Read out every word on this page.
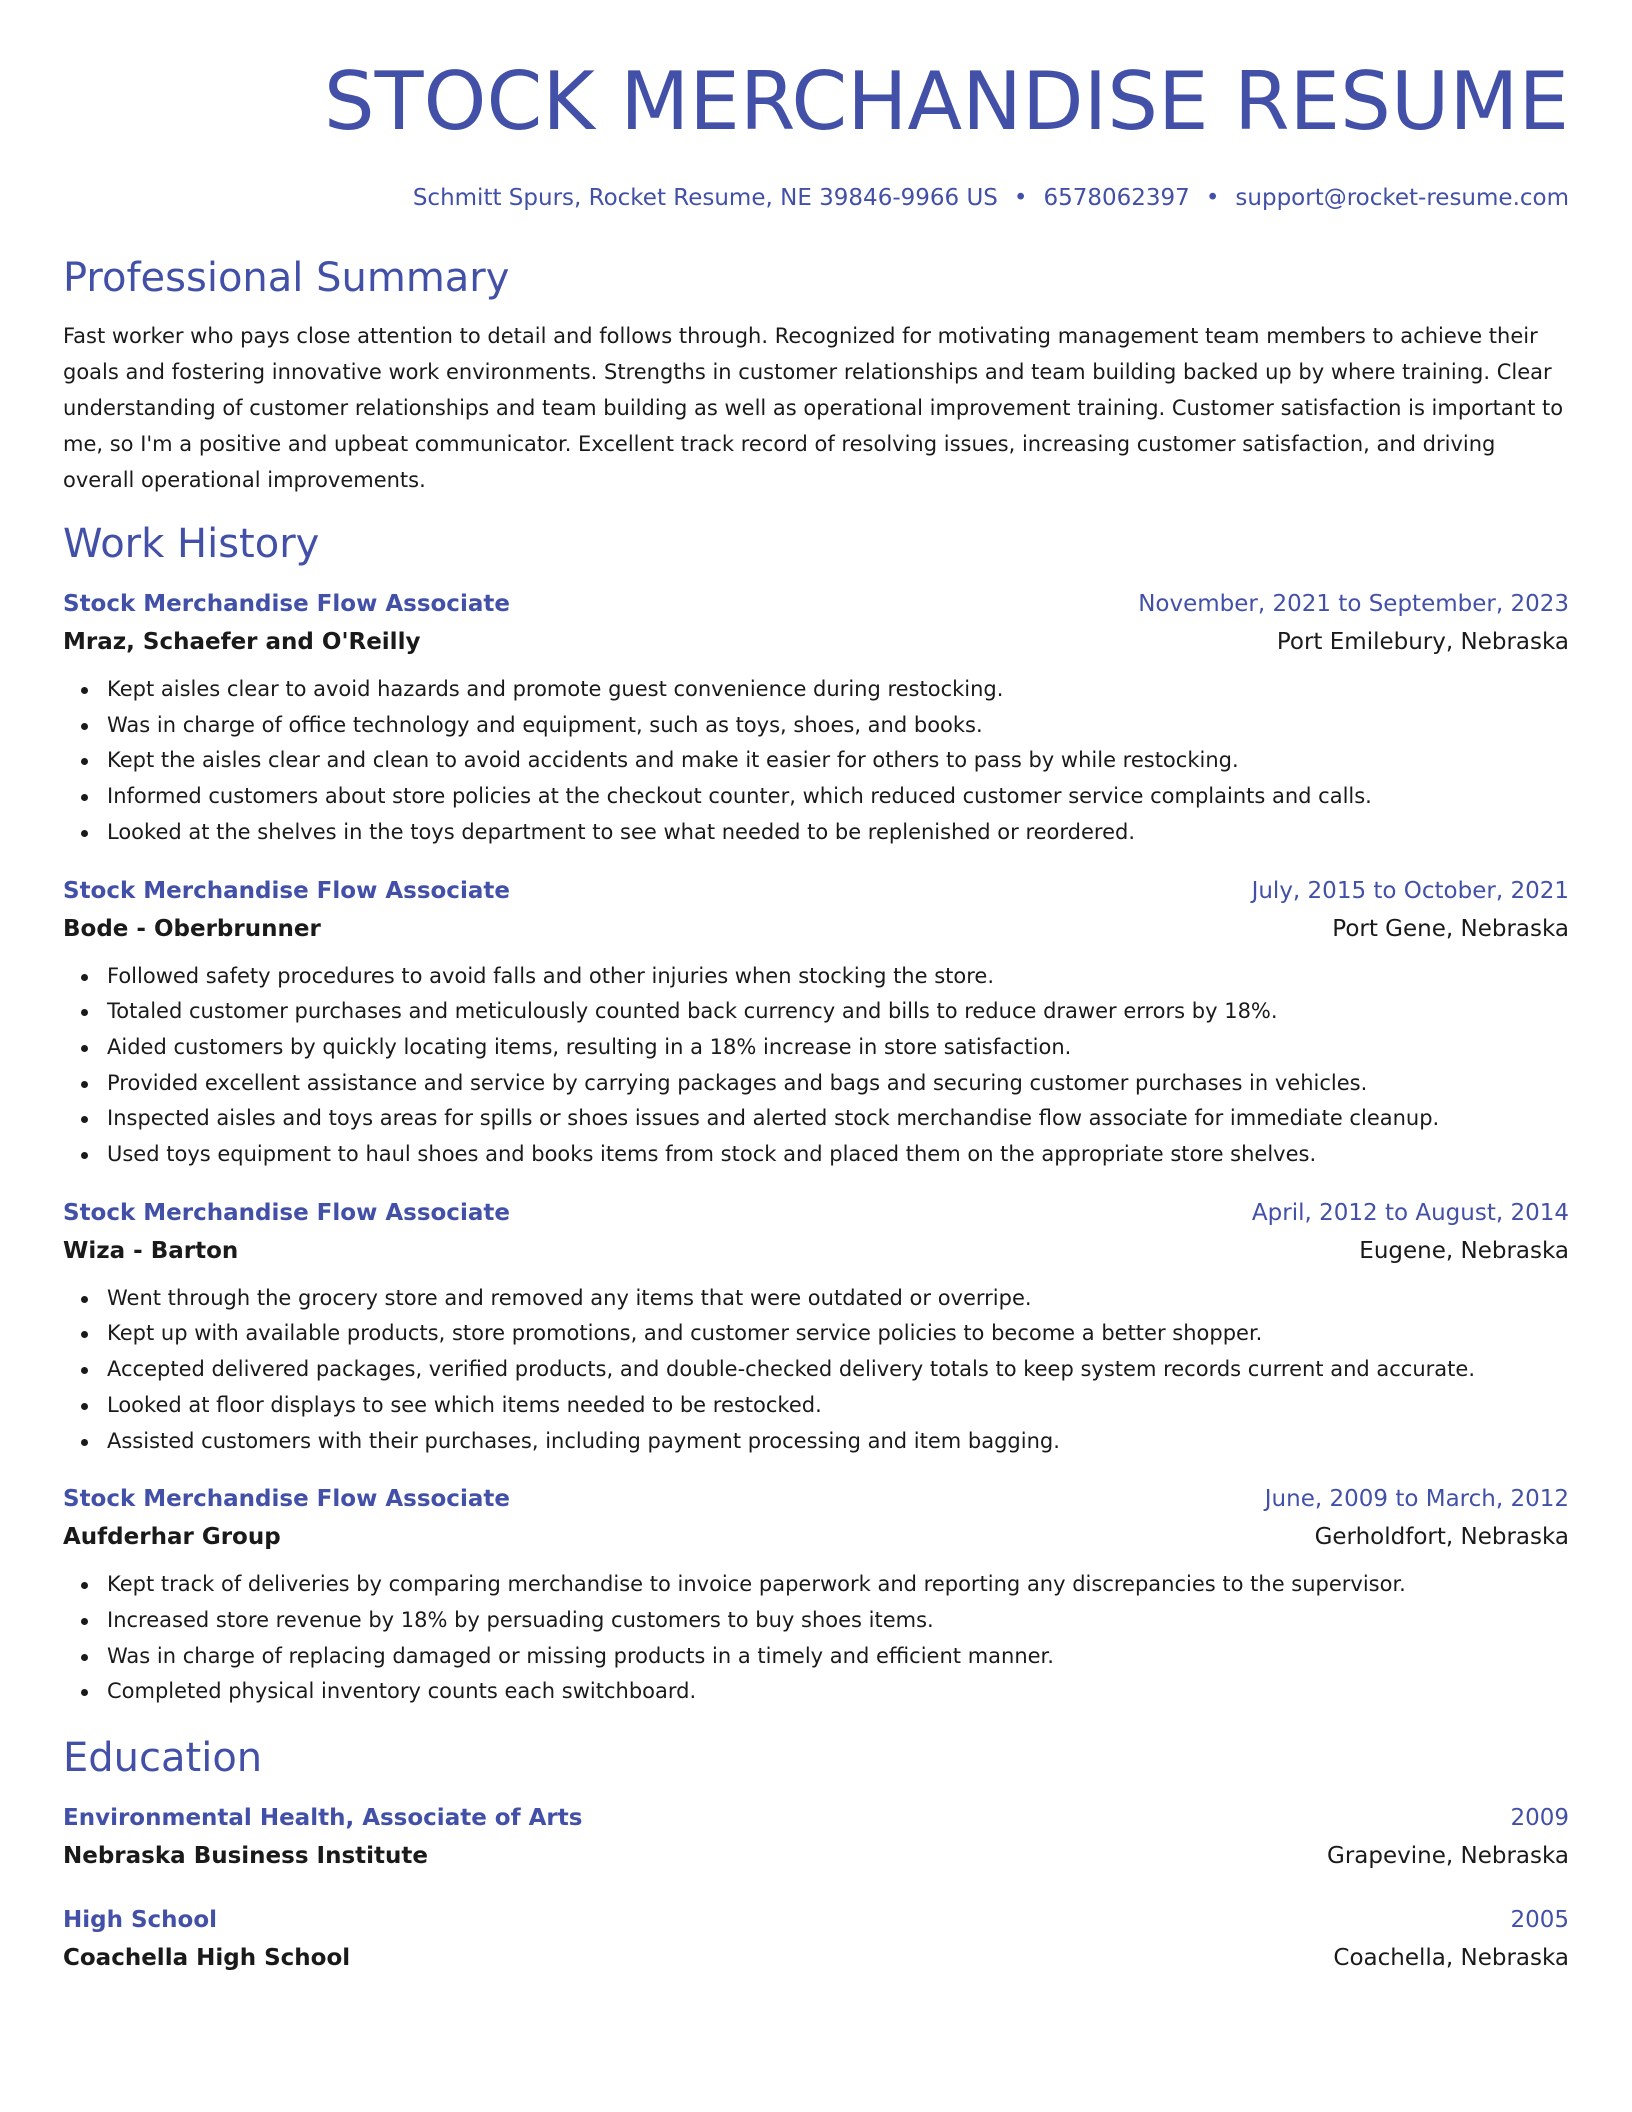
STOCK MERCHANDISE RESUME
Schmitt Spurs, Rocket Resume, NE 39846-9966 US • 6578062397 • support@rocket-resume.com
Professional Summary
Fast worker who pays close attention to detail and follows through. Recognized for motivating management team members to achieve their goals and fostering innovative work environments. Strengths in customer relationships and team building backed up by where training. Clear understanding of customer relationships and team building as well as operational improvement training. Customer satisfaction is important to me, so I'm a positive and upbeat communicator. Excellent track record of resolving issues, increasing customer satisfaction, and driving overall operational improvements.
Work History
Stock Merchandise Flow Associate	November, 2021 to September, 2023
Mraz, Schaefer and O'Reilly	Port Emilebury, Nebraska
Kept aisles clear to avoid hazards and promote guest convenience during restocking.
Was in charge of office technology and equipment, such as toys, shoes, and books.
Kept the aisles clear and clean to avoid accidents and make it easier for others to pass by while restocking.
Informed customers about store policies at the checkout counter, which reduced customer service complaints and calls.
Looked at the shelves in the toys department to see what needed to be replenished or reordered.
Stock Merchandise Flow Associate	July, 2015 to October, 2021
Bode - Oberbrunner	Port Gene, Nebraska
Followed safety procedures to avoid falls and other injuries when stocking the store.
Totaled customer purchases and meticulously counted back currency and bills to reduce drawer errors by 18%.
Aided customers by quickly locating items, resulting in a 18% increase in store satisfaction.
Provided excellent assistance and service by carrying packages and bags and securing customer purchases in vehicles.
Inspected aisles and toys areas for spills or shoes issues and alerted stock merchandise flow associate for immediate cleanup.
Used toys equipment to haul shoes and books items from stock and placed them on the appropriate store shelves.
Stock Merchandise Flow Associate	April, 2012 to August, 2014
Wiza - Barton	Eugene, Nebraska
Went through the grocery store and removed any items that were outdated or overripe.
Kept up with available products, store promotions, and customer service policies to become a better shopper.
Accepted delivered packages, verified products, and double-checked delivery totals to keep system records current and accurate.
Looked at floor displays to see which items needed to be restocked.
Assisted customers with their purchases, including payment processing and item bagging.
Stock Merchandise Flow Associate	June, 2009 to March, 2012
Aufderhar Group	Gerholdfort, Nebraska
Kept track of deliveries by comparing merchandise to invoice paperwork and reporting any discrepancies to the supervisor.
Increased store revenue by 18% by persuading customers to buy shoes items.
Was in charge of replacing damaged or missing products in a timely and efficient manner.
Completed physical inventory counts each switchboard.
Education
Environmental Health, Associate of Arts	2009
Nebraska Business Institute	Grapevine, Nebraska
High School	2005
Coachella High School	Coachella, Nebraska
